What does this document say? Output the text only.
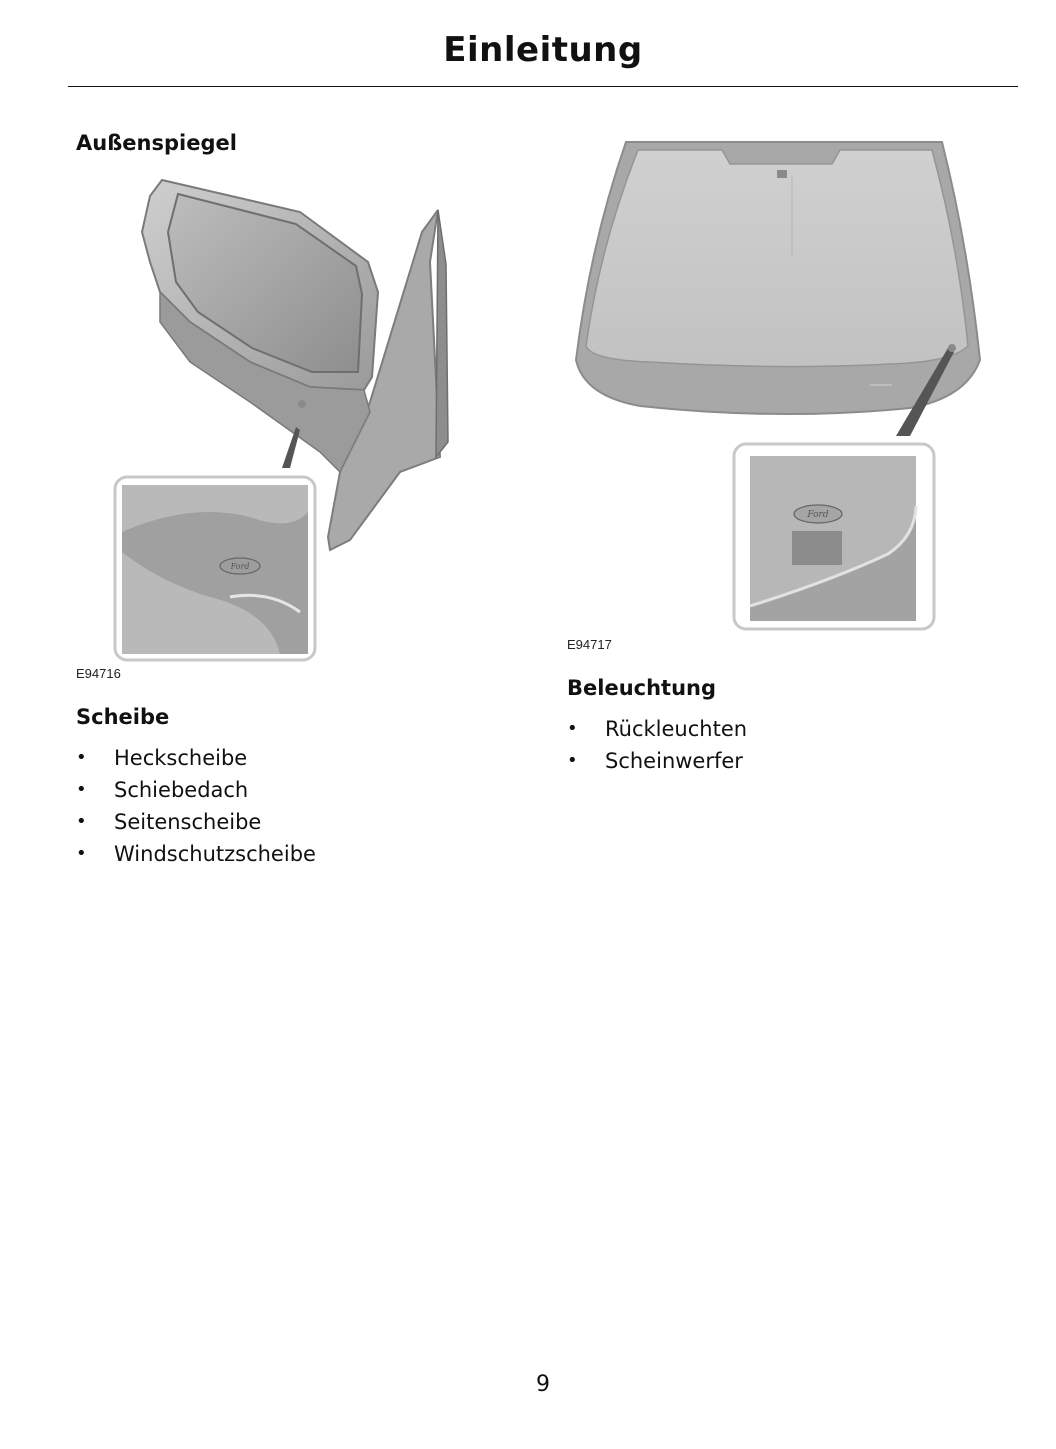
Einleitung
Außenspiegel
Ford
E94716
Scheibe
• Heckscheibe
• Schiebedach
• Seitenscheibe
• Windschutzscheibe
Ford
E94717
Beleuchtung
• Rückleuchten
• Scheinwerfer
9
